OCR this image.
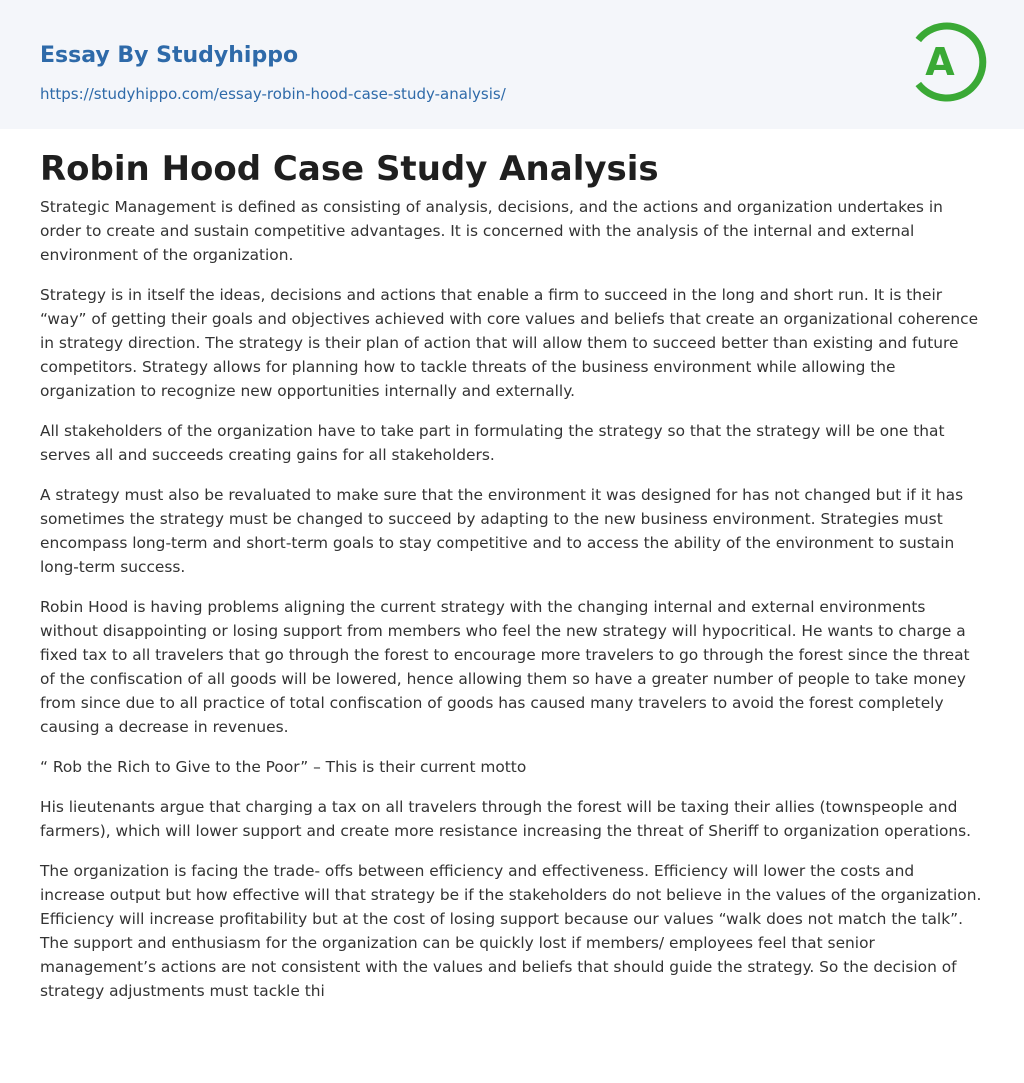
Essay By Studyhippo
https://studyhippo.com/essay-robin-hood-case-study-analysis/
A
Robin Hood Case Study Analysis

Strategic Management is defined as consisting of analysis, decisions, and the actions and organization undertakes in order to create and sustain competitive advantages. It is concerned with the analysis of the internal and external environment of the organization.

Strategy is in itself the ideas, decisions and actions that enable a firm to succeed in the long and short run. It is their “way” of getting their goals and objectives achieved with core values and beliefs that create an organizational coherence in strategy direction. The strategy is their plan of action that will allow them to succeed better than existing and future competitors. Strategy allows for planning how to tackle threats of the business environment while allowing the organization to recognize new opportunities internally and externally.

All stakeholders of the organization have to take part in formulating the strategy so that the strategy will be one that serves all and succeeds creating gains for all stakeholders.

A strategy must also be revaluated to make sure that the environment it was designed for has not changed but if it has sometimes the strategy must be changed to succeed by adapting to the new business environment. Strategies must encompass long-term and short-term goals to stay competitive and to access the ability of the environment to sustain long-term success.

Robin Hood is having problems aligning the current strategy with the changing internal and external environments without disappointing or losing support from members who feel the new strategy will hypocritical. He wants to charge a fixed tax to all travelers that go through the forest to encourage more travelers to go through the forest since the threat of the confiscation of all goods will be lowered, hence allowing them so have a greater number of people to take money from since due to all practice of total confiscation of goods has caused many travelers to avoid the forest completely causing a decrease in revenues.

“ Rob the Rich to Give to the Poor” – This is their current motto

His lieutenants argue that charging a tax on all travelers through the forest will be taxing their allies (townspeople and farmers), which will lower support and create more resistance increasing the threat of Sheriff to organization operations.

The organization is facing the trade- offs between efficiency and effectiveness. Efficiency will lower the costs and increase output but how effective will that strategy be if the stakeholders do not believe in the values of the organization. Efficiency will increase profitability but at the cost of losing support because our values “walk does not match the talk”. The support and enthusiasm for the organization can be quickly lost if members/ employees feel that senior management’s actions are not consistent with the values and beliefs that should guide the strategy. So the decision of strategy adjustments must tackle thi
